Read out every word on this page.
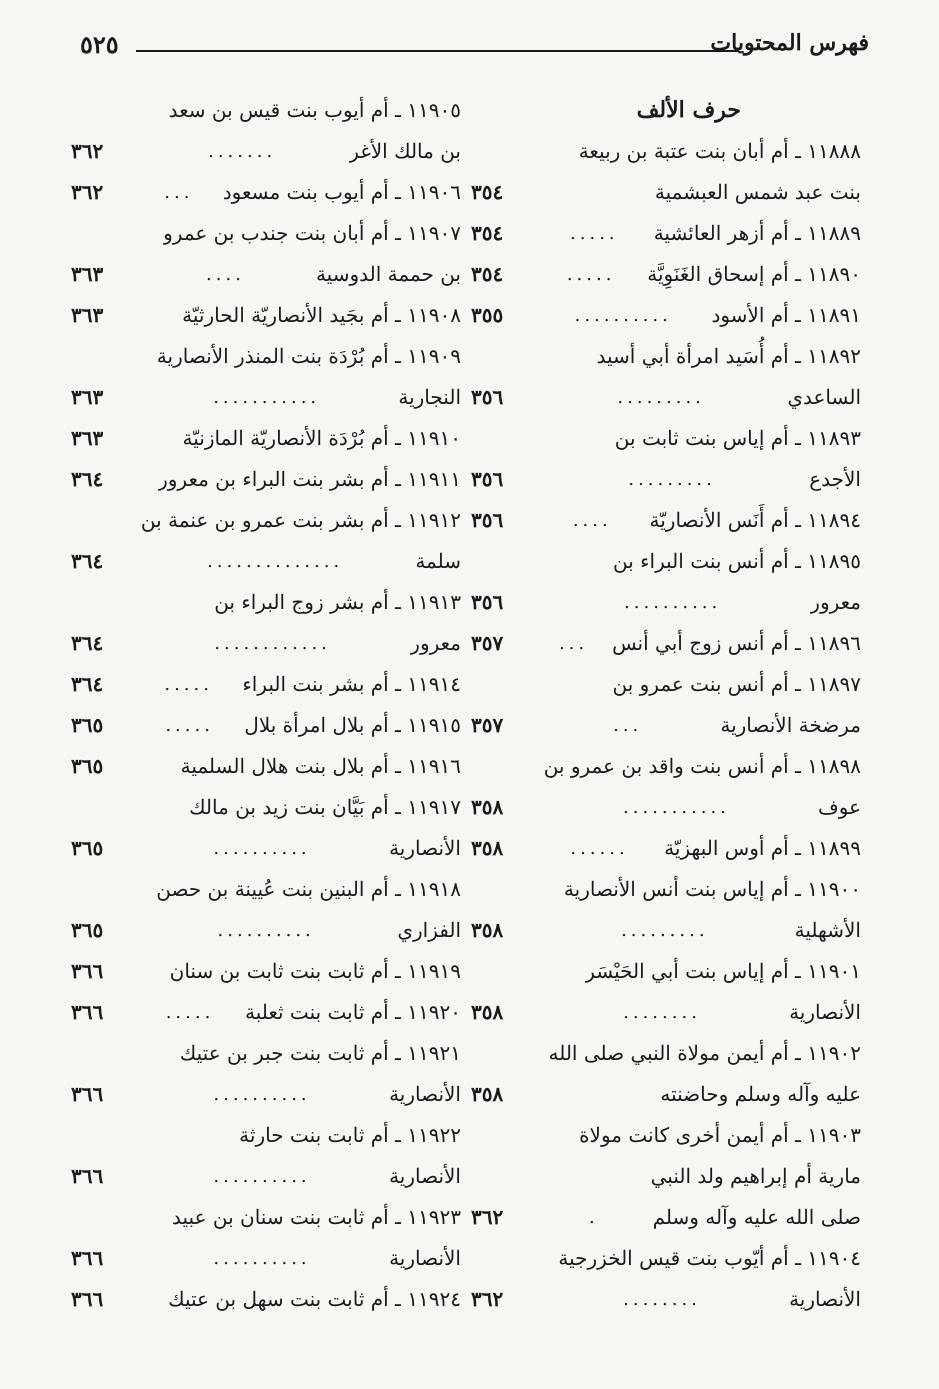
فهرس المحتويات
٥٢٥
حرف الألف
١١٨٨٨ ـ أم أبان بنت عتبة بن ربيعة
بنت عبد شمس العبشمية
٣٥٤
١١٨٨٩ ـ أم أزهر العائشية
.....
٣٥٤
١١٨٩٠ ـ أم إسحاق الغَنَوِيَّة
.....
٣٥٤
١١٨٩١ ـ أم الأسود
..........
٣٥٥
١١٨٩٢ ـ أم أُسَيد امرأة أبي أسيد
الساعدي
.........
٣٥٦
١١٨٩٣ ـ أم إياس بنت ثابت بن
الأجدع
.........
٣٥٦
١١٨٩٤ ـ أم أَنَس الأنصاريّة
....
٣٥٦
١١٨٩٥ ـ أم أنس بنت البراء بن
معرور
..........
٣٥٦
١١٨٩٦ ـ أم أنس زوج أبي أنس
...
٣٥٧
١١٨٩٧ ـ أم أنس بنت عمرو بن
مرضخة الأنصارية
...
٣٥٧
١١٨٩٨ ـ أم أنس بنت واقد بن عمرو بن
عوف
...........
٣٥٨
١١٨٩٩ ـ أم أوس البهزيّة
......
٣٥٨
١١٩٠٠ ـ أم إياس بنت أنس الأنصارية
الأشهلية
.........
٣٥٨
١١٩٠١ ـ أم إياس بنت أبي الحَيْسَر
الأنصارية
........
٣٥٨
١١٩٠٢ ـ أم أيمن مولاة النبي صلى الله
عليه وآله وسلم وحاضنته
٣٥٨
١١٩٠٣ ـ أم أيمن أخرى كانت مولاة
مارية أم إبراهيم ولد النبي
صلى الله عليه وآله وسلم
.
٣٦٢
١١٩٠٤ ـ أم أيّوب بنت قيس الخزرجية
الأنصارية
........
٣٦٢
١١٩٠٥ ـ أم أيوب بنت قيس بن سعد
بن مالك الأغر
.......
٣٦٢
١١٩٠٦ ـ أم أيوب بنت مسعود
...
٣٦٢
١١٩٠٧ ـ أم أبان بنت جندب بن عمرو
بن حممة الدوسية
....
٣٦٣
١١٩٠٨ ـ أم بجَيد الأنصاريّة الحارثيّة
٣٦٣
١١٩٠٩ ـ أم بُرْدَة بنت المنذر الأنصارية
النجارية
...........
٣٦٣
١١٩١٠ ـ أم بُرْدَة الأنصاريّة المازنيّة
٣٦٣
١١٩١١ ـ أم بشر بنت البراء بن معرور
٣٦٤
١١٩١٢ ـ أم بشر بنت عمرو بن عنمة بن
سلمة
..............
٣٦٤
١١٩١٣ ـ أم بشر زوج البراء بن
معرور
............
٣٦٤
١١٩١٤ ـ أم بشر بنت البراء
.....
٣٦٤
١١٩١٥ ـ أم بلال امرأة بلال
.....
٣٦٥
١١٩١٦ ـ أم بلال بنت هلال السلمية
٣٦٥
١١٩١٧ ـ أم بَيَّان بنت زيد بن مالك
الأنصارية
..........
٣٦٥
١١٩١٨ ـ أم البنين بنت عُيينة بن حصن
الفزاري
..........
٣٦٥
١١٩١٩ ـ أم ثابت بنت ثابت بن سنان
٣٦٦
١١٩٢٠ ـ أم ثابت بنت ثعلبة
.....
٣٦٦
١١٩٢١ ـ أم ثابت بنت جبر بن عتيك
الأنصارية
..........
٣٦٦
١١٩٢٢ ـ أم ثابت بنت حارثة
الأنصارية
..........
٣٦٦
١١٩٢٣ ـ أم ثابت بنت سنان بن عبيد
الأنصارية
..........
٣٦٦
١١٩٢٤ ـ أم ثابت بنت سهل بن عتيك
٣٦٦
